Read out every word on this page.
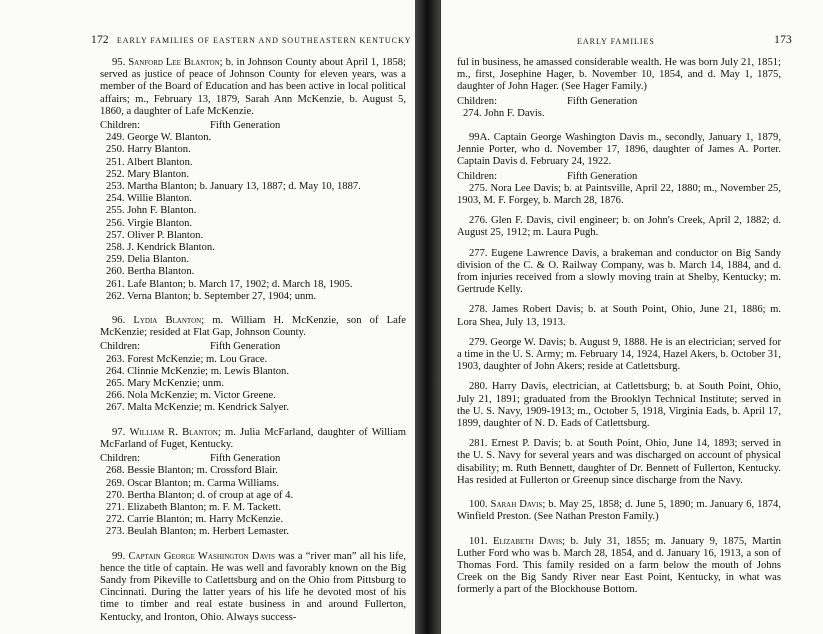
172 EARLY FAMILIES OF EASTERN AND SOUTHEASTERN KENTUCKY

95. Sanford Lee Blanton; b. in Johnson County about April 1, 1858; served as justice of peace of Johnson County for eleven years, was a member of the Board of Education and has been active in local political affairs; m., February 13, 1879, Sarah Ann McKenzie, b. August 5, 1860, a daughter of Lafe McKenzie.

Children:	Fifth Generation
249. George W. Blanton.
250. Harry Blanton.
251. Albert Blanton.
252. Mary Blanton.
253. Martha Blanton; b. January 13, 1887; d. May 10, 1887.
254. Willie Blanton.
255. John F. Blanton.
256. Virgie Blanton.
257. Oliver P. Blanton.
258. J. Kendrick Blanton.
259. Delia Blanton.
260. Bertha Blanton.
261. Lafe Blanton; b. March 17, 1902; d. March 18, 1905.
262. Verna Blanton; b. September 27, 1904; unm.

96. Lydia Blanton; m. William H. McKenzie, son of Lafe McKenzie; resided at Flat Gap, Johnson County.

Children:	Fifth Generation
263. Forest McKenzie; m. Lou Grace.
264. Clinnie McKenzie; m. Lewis Blanton.
265. Mary McKenzie; unm.
266. Nola McKenzie; m. Victor Greene.
267. Malta McKenzie; m. Kendrick Salyer.

97. William R. Blanton; m. Julia McFarland, daughter of William McFarland of Fuget, Kentucky.

Children:	Fifth Generation
268. Bessie Blanton; m. Crossford Blair.
269. Oscar Blanton; m. Carma Williams.
270. Bertha Blanton; d. of croup at age of 4.
271. Elizabeth Blanton; m. F. M. Tackett.
272. Carrie Blanton; m. Harry McKenzie.
273. Beulah Blanton; m. Herbert Lemaster.

99. Captain George Washington Davis was a “river man” all his life, hence the title of captain. He was well and favorably known on the Big Sandy from Pikeville to Catlettsburg and on the Ohio from Pittsburg to Cincinnati. During the latter years of his life he devoted most of his time to timber and real estate business in and around Fullerton, Kentucky, and Ironton, Ohio. Always success-

EARLY FAMILIES	173

ful in business, he amassed considerable wealth. He was born July 21, 1851; m., first, Josephine Hager, b. November 10, 1854, and d. May 1, 1875, daughter of John Hager. (See Hager Family.)

Children:	Fifth Generation
274. John F. Davis.

99A. Captain George Washington Davis m., secondly, January 1, 1879, Jennie Porter, who d. November 17, 1896, daughter of James A. Porter. Captain Davis d. February 24, 1922.

Children:	Fifth Generation

275. Nora Lee Davis; b. at Paintsville, April 22, 1880; m., November 25, 1903, M. F. Forgey, b. March 28, 1876.

276. Glen F. Davis, civil engineer; b. on John's Creek, April 2, 1882; d. August 25, 1912; m. Laura Pugh.

277. Eugene Lawrence Davis, a brakeman and conductor on Big Sandy division of the C. & O. Railway Company, was b. March 14, 1884, and d. from injuries received from a slowly moving train at Shelby, Kentucky; m. Gertrude Kelly.

278. James Robert Davis; b. at South Point, Ohio, June 21, 1886; m. Lora Shea, July 13, 1913.

279. George W. Davis; b. August 9, 1888. He is an electrician; served for a time in the U. S. Army; m. February 14, 1924, Hazel Akers, b. October 31, 1903, daughter of John Akers; reside at Catlettsburg.

280. Harry Davis, electrician, at Catlettsburg; b. at South Point, Ohio, July 21, 1891; graduated from the Brooklyn Technical Institute; served in the U. S. Navy, 1909-1913; m., October 5, 1918, Virginia Eads, b. April 17, 1899, daughter of N. D. Eads of Catlettsburg.

281. Ernest P. Davis; b. at South Point, Ohio, June 14, 1893; served in the U. S. Navy for several years and was discharged on account of physical disability; m. Ruth Bennett, daughter of Dr. Bennett of Fullerton, Kentucky. Has resided at Fullerton or Greenup since discharge from the Navy.

100. Sarah Davis; b. May 25, 1858; d. June 5, 1890; m. January 6, 1874, Winfield Preston. (See Nathan Preston Family.)

101. Elizabeth Davis; b. July 31, 1855; m. January 9, 1875, Martin Luther Ford who was b. March 28, 1854, and d. January 16, 1913, a son of Thomas Ford. This family resided on a farm below the mouth of Johns Creek on the Big Sandy River near East Point, Kentucky, in what was formerly a part of the Blockhouse Bottom.
